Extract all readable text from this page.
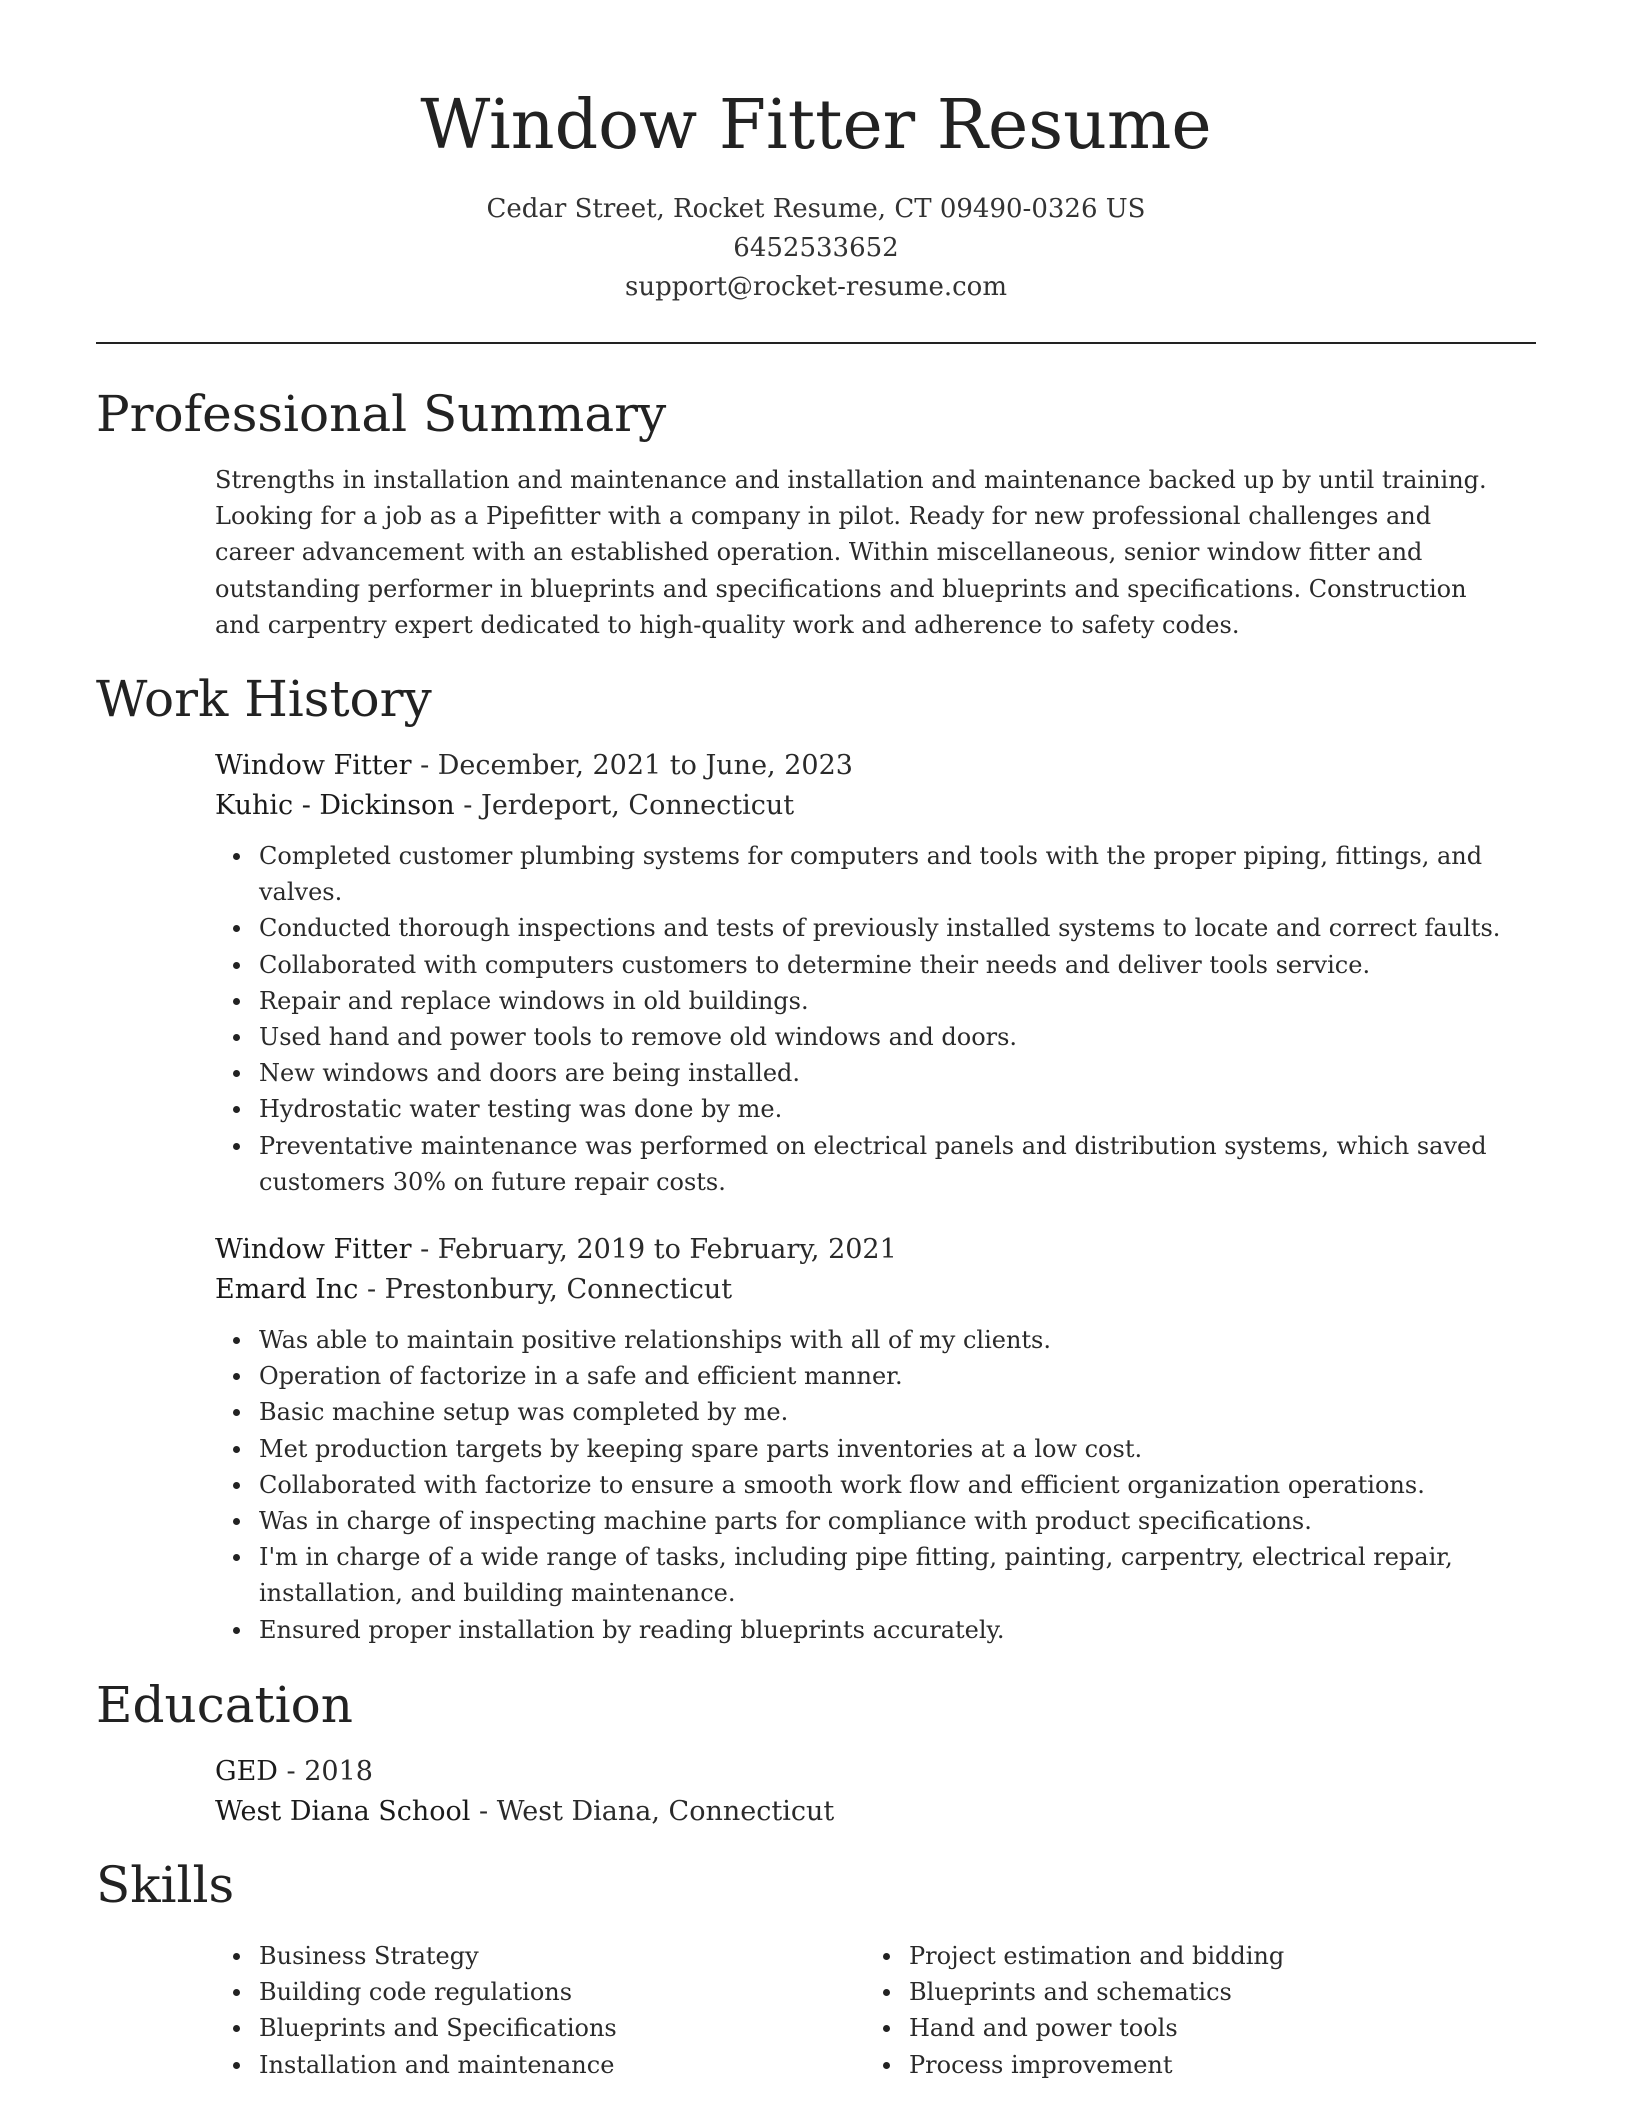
Window Fitter Resume
Cedar Street, Rocket Resume, CT 09490-0326 US
6452533652
support@rocket-resume.com
Professional Summary

Strengths in installation and maintenance and installation and maintenance backed up by until training. Looking for a job as a Pipefitter with a company in pilot. Ready for new professional challenges and career advancement with an established operation. Within miscellaneous, senior window fitter and outstanding performer in blueprints and specifications and blueprints and specifications. Construction and carpentry expert dedicated to high-quality work and adherence to safety codes.

Work History
Window Fitter - December, 2021 to June, 2023
Kuhic - Dickinson - Jerdeport, Connecticut
Completed customer plumbing systems for computers and tools with the proper piping, fittings, and valves.
Conducted thorough inspections and tests of previously installed systems to locate and correct faults.
Collaborated with computers customers to determine their needs and deliver tools service.
Repair and replace windows in old buildings.
Used hand and power tools to remove old windows and doors.
New windows and doors are being installed.
Hydrostatic water testing was done by me.
Preventative maintenance was performed on electrical panels and distribution systems, which saved customers 30% on future repair costs.
Window Fitter - February, 2019 to February, 2021
Emard Inc - Prestonbury, Connecticut
Was able to maintain positive relationships with all of my clients.
Operation of factorize in a safe and efficient manner.
Basic machine setup was completed by me.
Met production targets by keeping spare parts inventories at a low cost.
Collaborated with factorize to ensure a smooth work flow and efficient organization operations.
Was in charge of inspecting machine parts for compliance with product specifications.
I'm in charge of a wide range of tasks, including pipe fitting, painting, carpentry, electrical repair, installation, and building maintenance.
Ensured proper installation by reading blueprints accurately.
Education
GED - 2018
West Diana School - West Diana, Connecticut
Skills
Business Strategy
Building code regulations
Blueprints and Specifications
Installation and maintenance
Project estimation and bidding
Blueprints and schematics
Hand and power tools
Process improvement
